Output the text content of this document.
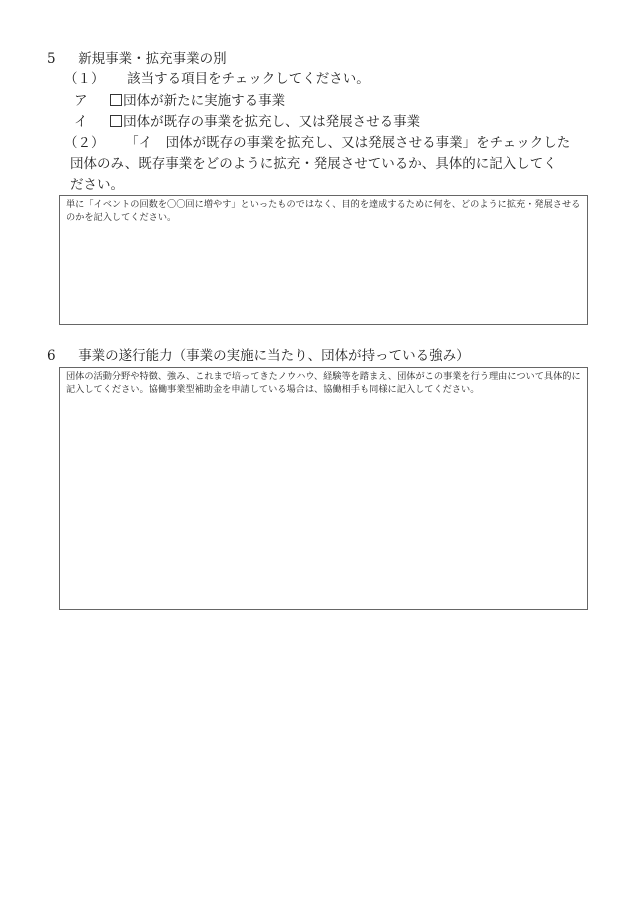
5 新規事業・拡充事業の別
（１） 該当する項目をチェックしてください。
ア	団体が新たに実施する事業
イ	団体が既存の事業を拡充し、又は発展させる事業
（２） 「イ　団体が既存の事業を拡充し、又は発展させる事業」をチェックした
団体のみ、既存事業をどのように拡充・発展させているか、具体的に記入してく
ださい。
単に「イベントの回数を〇〇回に増やす」といったものではなく、目的を達成するために何を、どのように拡充・発展させるのかを記入してください。
6 事業の遂行能力（事業の実施に当たり、団体が持っている強み）
団体の活動分野や特徴、強み、これまで培ってきたノウハウ、経験等を踏まえ、団体がこの事業を行う理由について具体的に記入してください。協働事業型補助金を申請している場合は、協働相手も同様に記入してください。
